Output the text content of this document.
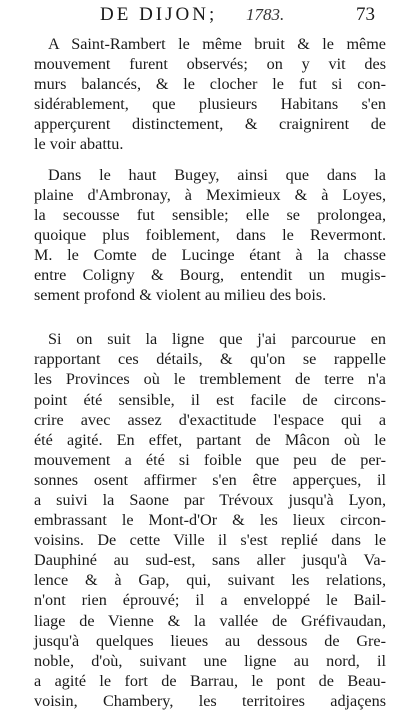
DE DIJON; 1783.	73

A Saint-Rambert le même bruit & le même
mouvement furent observés; on y vit des
murs balancés, & le clocher le fut si con-
sidérablement, que plusieurs Habitans s'en
apperçurent distinctement, & craignirent de
le voir abattu.

Dans le haut Bugey, ainsi que dans la
plaine d'Ambronay, à Meximieux & à Loyes,
la secousse fut sensible; elle se prolongea,
quoique plus foiblement, dans le Revermont.
M. le Comte de Lucinge étant à la chasse
entre Coligny & Bourg, entendit un mugis-
sement profond & violent au milieu des bois.

Si on suit la ligne que j'ai parcourue en
rapportant ces détails, & qu'on se rappelle
les Provinces où le tremblement de terre n'a
point été sensible, il est facile de circons-
crire avec assez d'exactitude l'espace qui a
été agité. En effet, partant de Mâcon où le
mouvement a été si foible que peu de per-
sonnes osent affirmer s'en être apperçues, il
a suivi la Saone par Trévoux jusqu'à Lyon,
embrassant le Mont-d'Or & les lieux circon-
voisins. De cette Ville il s'est replié dans le
Dauphiné au sud-est, sans aller jusqu'à Va-
lence & à Gap, qui, suivant les relations,
n'ont rien éprouvé; il a enveloppé le Bail-
liage de Vienne & la vallée de Gréfivaudan,
jusqu'à quelques lieues au dessous de Gre-
noble, d'où, suivant une ligne au nord, il
a agité le fort de Barrau, le pont de Beau-
voisin, Chambery, les territoires adjaçens
